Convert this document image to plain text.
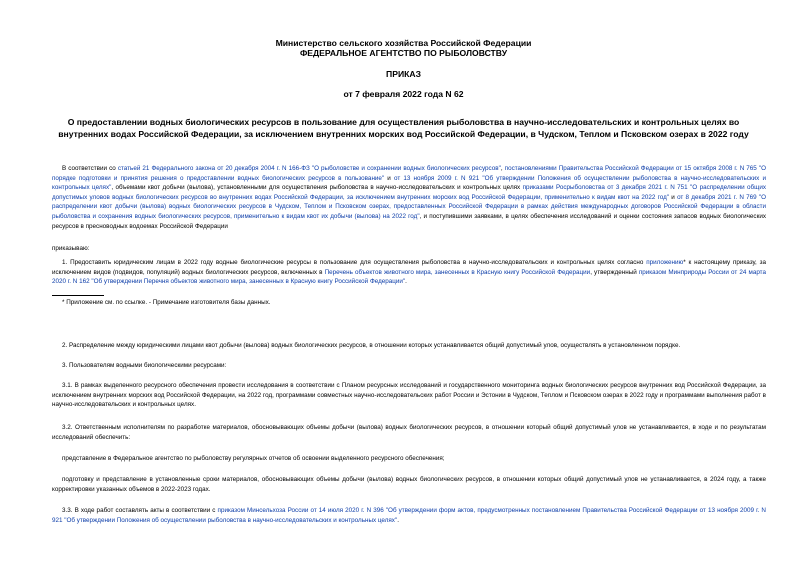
Министерство сельского хозяйства Российской Федерации
ФЕДЕРАЛЬНОЕ АГЕНТСТВО ПО РЫБОЛОВСТВУ
ПРИКАЗ
от 7 февраля 2022 года N 62
О предоставлении водных биологических ресурсов в пользование для осуществления рыболовства в научно-исследовательских и контрольных целях во
внутренних водах Российской Федерации, за исключением внутренних морских вод Российской Федерации, в Чудском, Теплом и Псковском озерах в 2022 году
В соответствии со статьей 21 Федерального закона от 20 декабря 2004 г. N 166-ФЗ "О рыболовстве и сохранении водных биологических ресурсов", постановлениями Правительства Российской Федерации от 15 октября 2008 г. N 765 "О порядке подготовки и принятия решения о предоставлении водных биологических ресурсов в пользование" и от 13 ноября 2009 г. N 921 "Об утверждении Положения об осуществлении рыболовства в научно-исследовательских и контрольных целях", объемами квот добычи (вылова), установленными для осуществления рыболовства в научно-исследовательских и контрольных целях приказами Росрыболовства от 3 декабря 2021 г. N 751 "О распределении общих допустимых уловов водных биологических ресурсов во внутренних водах Российской Федерации, за исключением внутренних морских вод Российской Федерации, применительно к видам квот на 2022 год" и от 8 декабря 2021 г. N 769 "О распределении квот добычи (вылова) водных биологических ресурсов в Чудском, Теплом и Псковском озерах, предоставленных Российской Федерации в рамках действия международных договоров Российской Федерации в области рыболовства и сохранения водных биологических ресурсов, применительно к видам квот их добычи (вылова) на 2022 год", и поступившими заявками, в целях обеспечения исследований и оценки состояния запасов водных биологических ресурсов в пресноводных водоемах Российской Федерации
приказываю:
1. Предоставить юридическим лицам в 2022 году водные биологические ресурсы в пользование для осуществления рыболовства в научно-исследовательских и контрольных целях согласно приложению* к настоящему приказу, за исключением видов (подвидов, популяций) водных биологических ресурсов, включенных в Перечень объектов животного мира, занесенных в Красную книгу Российской Федерации, утвержденный приказом Минприроды России от 24 марта 2020 г. N 162 "Об утверждении Перечня объектов животного мира, занесенных в Красную книгу Российской Федерации".
* Приложение см. по ссылке. - Примечание изготовителя базы данных.
2. Распределение между юридическими лицами квот добычи (вылова) водных биологических ресурсов, в отношении которых устанавливается общий допустимый улов, осуществлять в установленном порядке.
3. Пользователям водными биологическими ресурсами:
3.1. В рамках выделенного ресурсного обеспечения провести исследования в соответствии с Планом ресурсных исследований и государственного мониторинга водных биологических ресурсов внутренних вод Российской Федерации, за исключением внутренних морских вод Российской Федерации, на 2022 год, программами совместных научно-исследовательских работ России и Эстонии в Чудском, Теплом и Псковском озерах в 2022 году и программами выполнения работ в научно-исследовательских и контрольных целях.
3.2. Ответственным исполнителям по разработке материалов, обосновывающих объемы добычи (вылова) водных биологических ресурсов, в отношении который общий допустимый улов не устанавливается, в ходе и по результатам исследований обеспечить:
представление в Федеральное агентство по рыболовству регулярных отчетов об освоении выделенного ресурсного обеспечения;
подготовку и представление в установленные сроки материалов, обосновывающих объемы добычи (вылова) водных биологических ресурсов, в отношении которых общий допустимый улов не устанавливается, в 2024 году, а также корректировки указанных объемов в 2022-2023 годах.
3.3. В ходе работ составлять акты в соответствии с приказом Минсельхоза России от 14 июля 2020 г. N 396 "Об утверждении форм актов, предусмотренных постановлением Правительства Российской Федерации от 13 ноября 2009 г. N 921 "Об утверждении Положения об осуществлении рыболовства в научно-исследовательских и контрольных целях".
